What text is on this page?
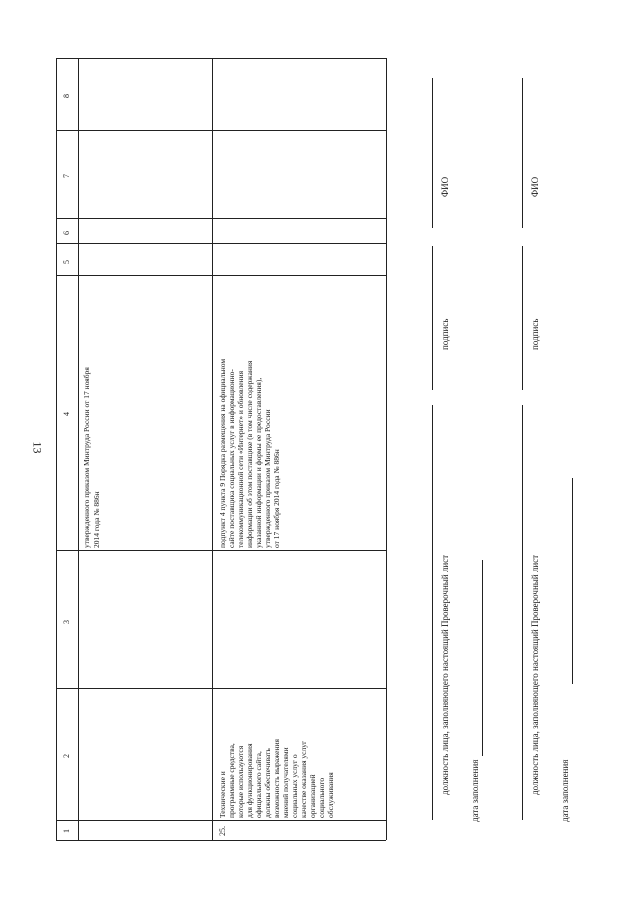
13
8
7
6
5
4
3
2
1
утвержденного приказом Минтруда России от 17 ноября 2014 года № 886н
25.
Технические и программные средства, которые используются для функционирования официального сайта, должны обеспечивать возможность выражения мнений получателями социальных услуг о качестве оказания услуг организацией социального обслуживания
подпункт 4 пункта 9 Порядка размещения на официальном сайте поставщика социальных услуг в информационно- телекоммуникационной сети «Интернет» и обновления информации об этом поставщике (в том числе содержания указанной информации и формы ее предоставления), утвержденного приказом Минтруда России от 17 ноября 2014 года № 886н
ФИО
подпись
должность лица, заполняющего настоящий Проверочный лист дата заполнения
ФИО
подпись
должность лица, заполняющего настоящий Проверочный лист дата заполнения
